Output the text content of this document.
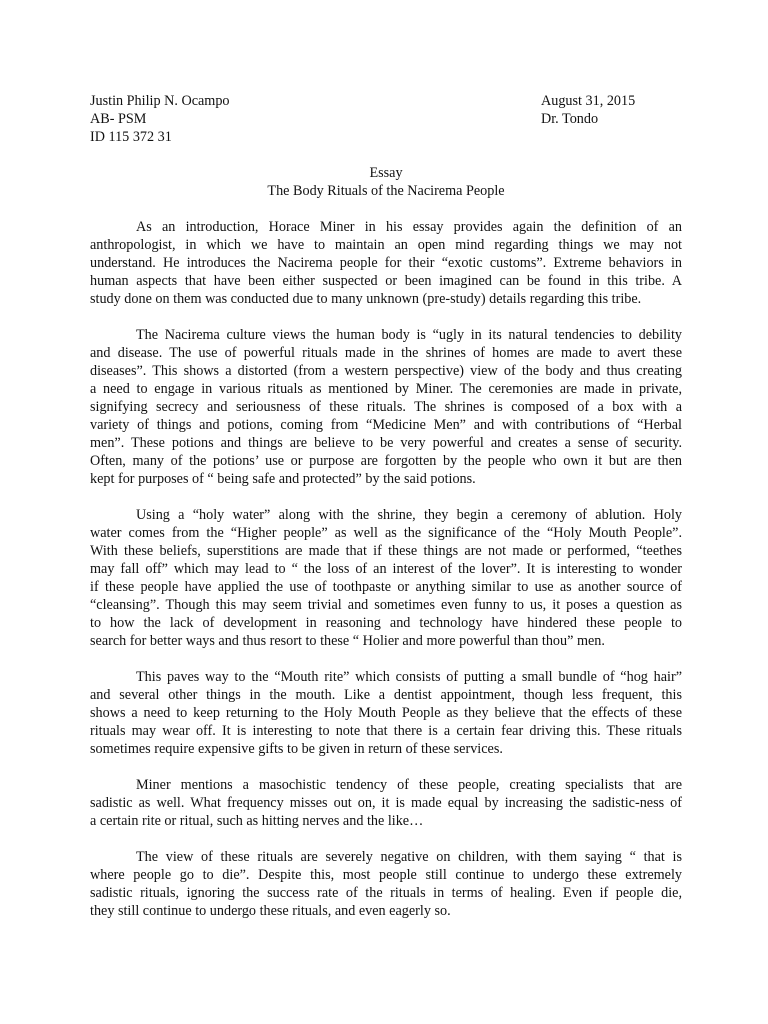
Justin Philip N. Ocampo	August 31, 2015
AB- PSM	Dr. Tondo
ID 115 372 31
Essay
The Body Rituals of the Nacirema People
As an introduction, Horace Miner in his essay provides again the definition of an
anthropologist, in which we have to maintain an open mind regarding things we may not
understand. He introduces the Nacirema people for their “exotic customs”. Extreme behaviors in
human aspects that have been either suspected or been imagined can be found in this tribe. A
study done on them was conducted due to many unknown (pre-study) details regarding this tribe.
The Nacirema culture views the human body is “ugly in its natural tendencies to debility
and disease. The use of powerful rituals made in the shrines of homes are made to avert these
diseases”. This shows a distorted (from a western perspective) view of the body and thus creating
a need to engage in various rituals as mentioned by Miner. The ceremonies are made in private,
signifying secrecy and seriousness of these rituals. The shrines is composed of a box with a
variety of things and potions, coming from “Medicine Men” and with contributions of “Herbal
men”. These potions and things are believe to be very powerful and creates a sense of security.
Often, many of the potions’ use or purpose are forgotten by the people who own it but are then
kept for purposes of “ being safe and protected” by the said potions.
Using a “holy water” along with the shrine, they begin a ceremony of ablution. Holy
water comes from the “Higher people” as well as the significance of the “Holy Mouth People”.
With these beliefs, superstitions are made that if these things are not made or performed, “teethes
may fall off” which may lead to “ the loss of an interest of the lover”. It is interesting to wonder
if these people have applied the use of toothpaste or anything similar to use as another source of
“cleansing”. Though this may seem trivial and sometimes even funny to us, it poses a question as
to how the lack of development in reasoning and technology have hindered these people to
search for better ways and thus resort to these “ Holier and more powerful than thou” men.
This paves way to the “Mouth rite” which consists of putting a small bundle of “hog hair”
and several other things in the mouth. Like a dentist appointment, though less frequent, this
shows a need to keep returning to the Holy Mouth People as they believe that the effects of these
rituals may wear off. It is interesting to note that there is a certain fear driving this. These rituals
sometimes require expensive gifts to be given in return of these services.
Miner mentions a masochistic tendency of these people, creating specialists that are
sadistic as well. What frequency misses out on, it is made equal by increasing the sadistic-ness of
a certain rite or ritual, such as hitting nerves and the like…
The view of these rituals are severely negative on children, with them saying “ that is
where people go to die”. Despite this, most people still continue to undergo these extremely
sadistic rituals, ignoring the success rate of the rituals in terms of healing. Even if people die,
they still continue to undergo these rituals, and even eagerly so.
